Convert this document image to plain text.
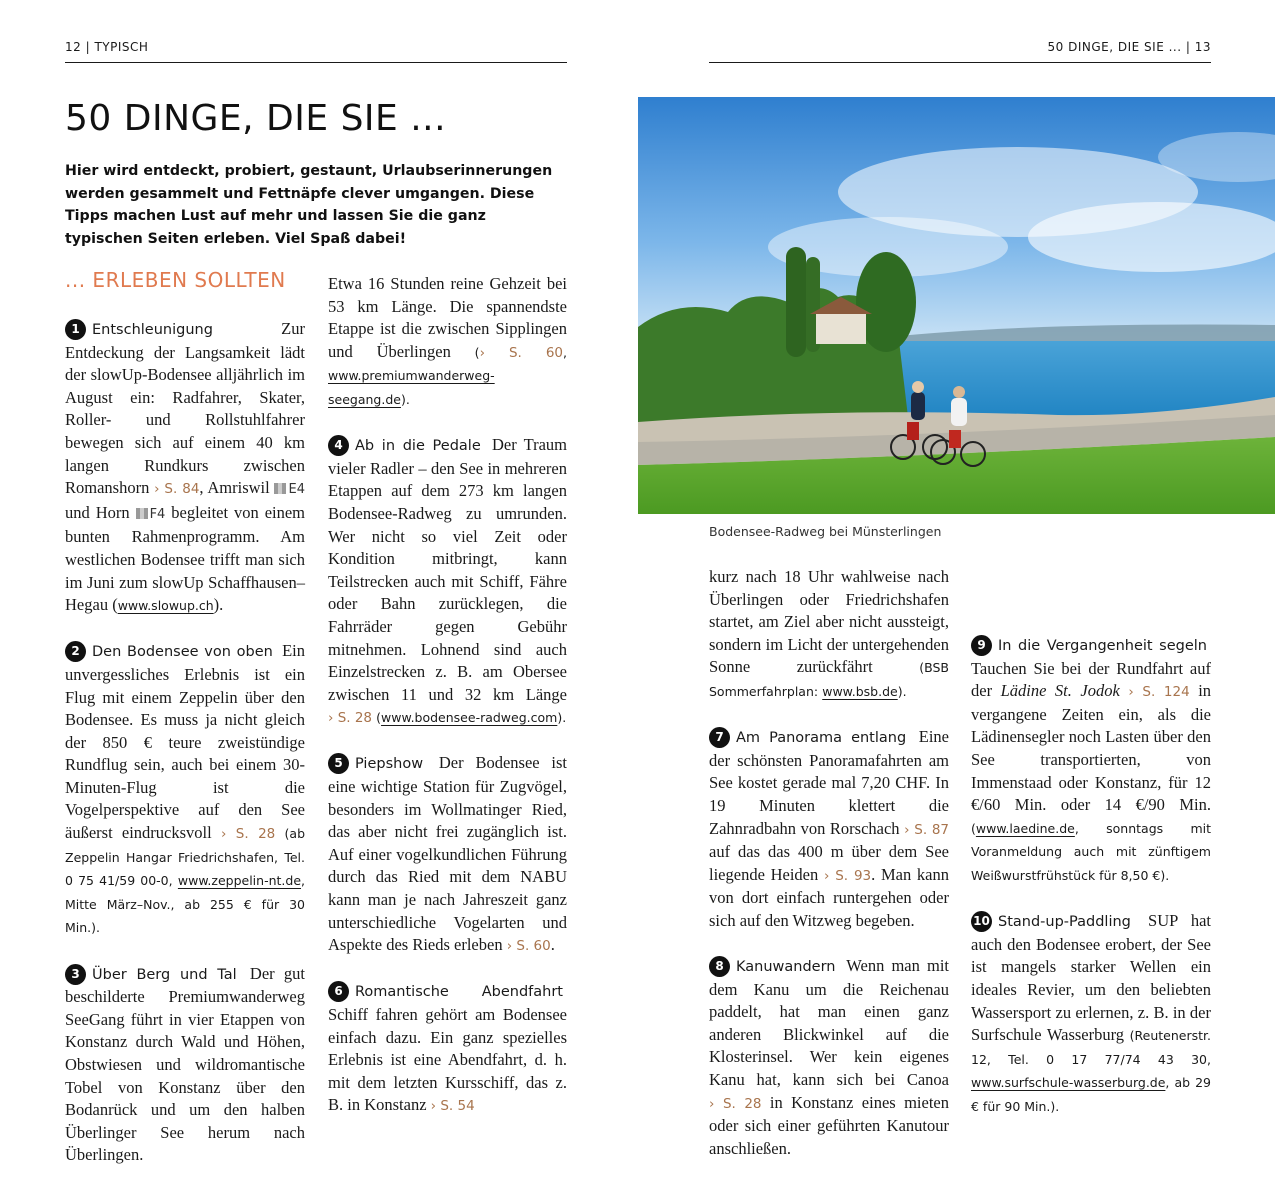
12 | TYPISCH	50 DINGE, DIE SIE ... | 13
50 DINGE, DIE SIE ...

Hier wird entdeckt, probiert, gestaunt, Urlaubserinnerungen werden gesammelt und Fettnäpfe clever umgangen. Diese Tipps machen Lust auf mehr und lassen Sie die ganz typischen Seiten erleben. Viel Spaß dabei!

... ERLEBEN SOLLTEN

1 Entschleunigung	Zur Entdeckung der Langsamkeit lädt der slowUp-Bodensee alljährlich im August ein: Radfahrer, Skater, Roller- und Rollstuhlfahrer bewegen sich auf einem 40 km langen Rundkurs zwischen Romanshorn › S. 84, Amriswil E4 und Horn F4 begleitet von einem bunten Rahmenprogramm. Am westlichen Bodensee trifft man sich im Juni zum slowUp Schaffhausen–Hegau (www.slowup.ch).

2 Den Bodensee von oben Ein unvergessliches Erlebnis ist ein Flug mit einem Zeppelin über den Bodensee. Es muss ja nicht gleich der 850 € teure zweistündige Rundflug sein, auch bei einem 30-Minuten-Flug ist die Vogelperspektive auf den See äußerst eindrucksvoll › S. 28 (ab Zeppelin Hangar Friedrichshafen, Tel. 0 75 41/59 00-0, www.zeppelin-nt.de, Mitte März–Nov., ab 255 € für 30 Min.).

3 Über Berg und Tal Der gut beschilderte Premiumwanderweg SeeGang führt in vier Etappen von Konstanz durch Wald und Höhen, Obstwiesen und wildromantische Tobel von Konstanz über den Bodanrück und um den halben Überlinger See herum nach Überlingen.

Etwa 16 Stunden reine Gehzeit bei 53 km Länge. Die spannendste Etappe ist die zwischen Sipplingen und Überlingen (› S. 60, www.premiumwanderweg-seegang.de).

4 Ab in die Pedale Der Traum vieler Radler – den See in mehreren Etappen auf dem 273 km langen Bodensee-Radweg zu umrunden. Wer nicht so viel Zeit oder Kondition mitbringt, kann Teilstrecken auch mit Schiff, Fähre oder Bahn zurücklegen, die Fahrräder gegen Gebühr mitnehmen. Lohnend sind auch Einzelstrecken z. B. am Obersee zwischen 11 und 32 km Länge › S. 28 (www.bodensee-radweg.com).

5 Piepshow Der Bodensee ist eine wichtige Station für Zugvögel, besonders im Wollmatinger Ried, das aber nicht frei zugänglich ist. Auf einer vogelkundlichen Führung durch das Ried mit dem NABU kann man je nach Jahreszeit ganz unterschiedliche Vogelarten und Aspekte des Rieds erleben › S. 60.

6 Romantische Abendfahrt Schiff fahren gehört am Bodensee einfach dazu. Ein ganz spezielles Erlebnis ist eine Abendfahrt, d. h. mit dem letzten Kursschiff, das z. B. in Konstanz › S. 54

Bodensee-Radweg bei Münsterlingen

kurz nach 18 Uhr wahlweise nach Überlingen oder Friedrichshafen startet, am Ziel aber nicht aussteigt, sondern im Licht der untergehenden Sonne zurückfährt	(BSB Sommerfahrplan: www.bsb.de).

7 Am Panorama entlang Eine der schönsten Panoramafahrten am See kostet gerade mal 7,20 CHF. In 19 Minuten klettert die Zahnradbahn von Rorschach › S. 87 auf das das 400 m über dem See liegende Heiden › S. 93. Man kann von dort einfach runtergehen oder sich auf den Witzweg begeben.

8 Kanuwandern Wenn man mit dem Kanu um die Reichenau paddelt, hat man einen ganz anderen Blickwinkel auf die Klosterinsel. Wer kein eigenes Kanu hat, kann sich bei Canoa › S. 28 in Konstanz eines mieten oder sich einer geführten Kanutour anschließen.

9 In die Vergangenheit segeln Tauchen Sie bei der Rundfahrt auf der Lädine St. Jodok › S. 124 in vergangene Zeiten ein, als die Lädinensegler noch Lasten über den See transportierten, von Immenstaad oder Konstanz, für 12 €/60 Min. oder 14 €/90 Min. (www.laedine.de, sonntags mit Voranmeldung auch mit zünftigem Weißwurstfrühstück für 8,50 €).

10 Stand-up-Paddling SUP hat auch den Bodensee erobert, der See ist mangels starker Wellen ein ideales Revier, um den beliebten Wassersport zu erlernen, z. B. in der Surfschule Wasserburg (Reutenerstr. 12, Tel. 0 17 77/74 43 30, www.surfschule-wasserburg.de, ab 29 € für 90 Min.).
